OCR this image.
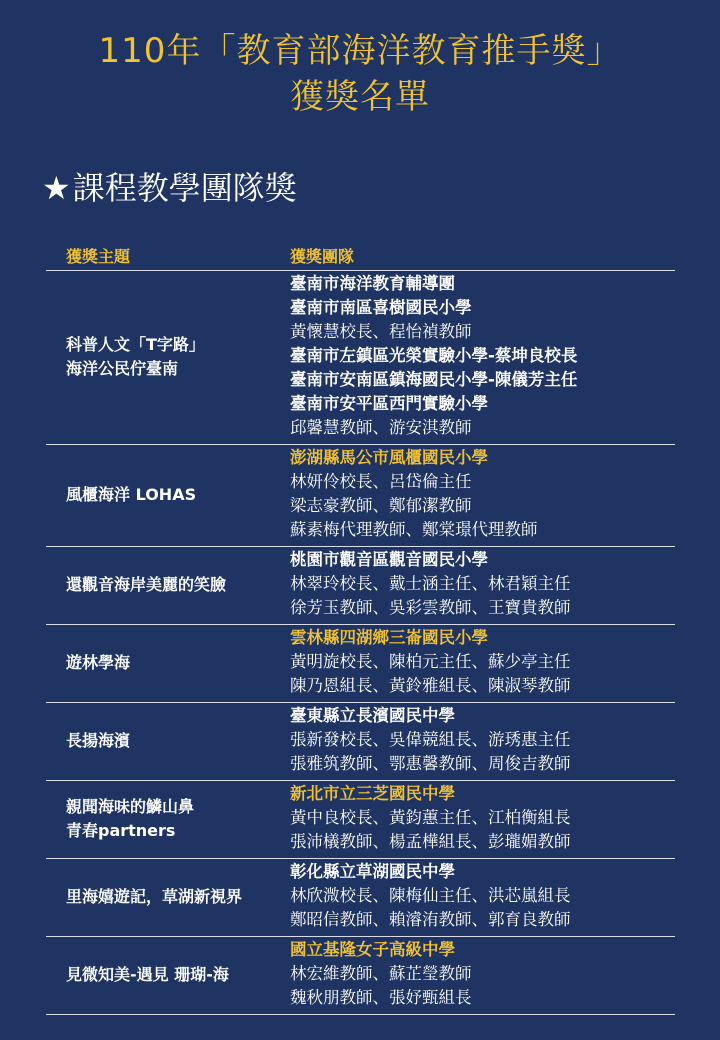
110年「教育部海洋教育推手獎」
獲獎名單
★課程教學團隊獎
獲獎主題	獲獎團隊
科普人文「T字路」
海洋公民佇臺南
臺南市海洋教育輔導團
臺南市南區喜樹國民小學
黃懷慧校長、程怡禎教師
臺南市左鎮區光榮實驗小學-蔡坤良校長
臺南市安南區鎮海國民小學-陳儀芳主任
臺南市安平區西門實驗小學
邱馨慧教師、游安淇教師
風櫃海洋 LOHAS
澎湖縣馬公市風櫃國民小學
林妍伶校長、呂岱倫主任
梁志豪教師、鄭郁潔教師
蘇素梅代理教師、鄭棠璟代理教師
還觀音海岸美麗的笑臉
桃園市觀音區觀音國民小學
林翠玲校長、戴士涵主任、林君穎主任
徐芳玉教師、吳彩雲教師、王寶貴教師
遊林學海
雲林縣四湖鄉三崙國民小學
黃明旋校長、陳柏元主任、蘇少亭主任
陳乃恩組長、黃鈴雅組長、陳淑琴教師
長揚海濱
臺東縣立長濱國民中學
張新發校長、吳偉競組長、游琇惠主任
張雅筑教師、鄂惠馨教師、周俊吉教師
親聞海味的鱗山鼻
青春partners
新北市立三芝國民中學
黃中良校長、黃鈞蕙主任、江柏衡組長
張沛檥教師、楊孟樺組長、彭瓏媚教師
里海嬉遊記，草湖新視界
彰化縣立草湖國民中學
林欣溦校長、陳梅仙主任、洪芯嵐組長
鄭昭信教師、賴濬洧教師、郭育良教師
見微知美-遇見 珊瑚-海
國立基隆女子高級中學
林宏維教師、蘇芷瑩教師
魏秋朋教師、張妤甄組長
